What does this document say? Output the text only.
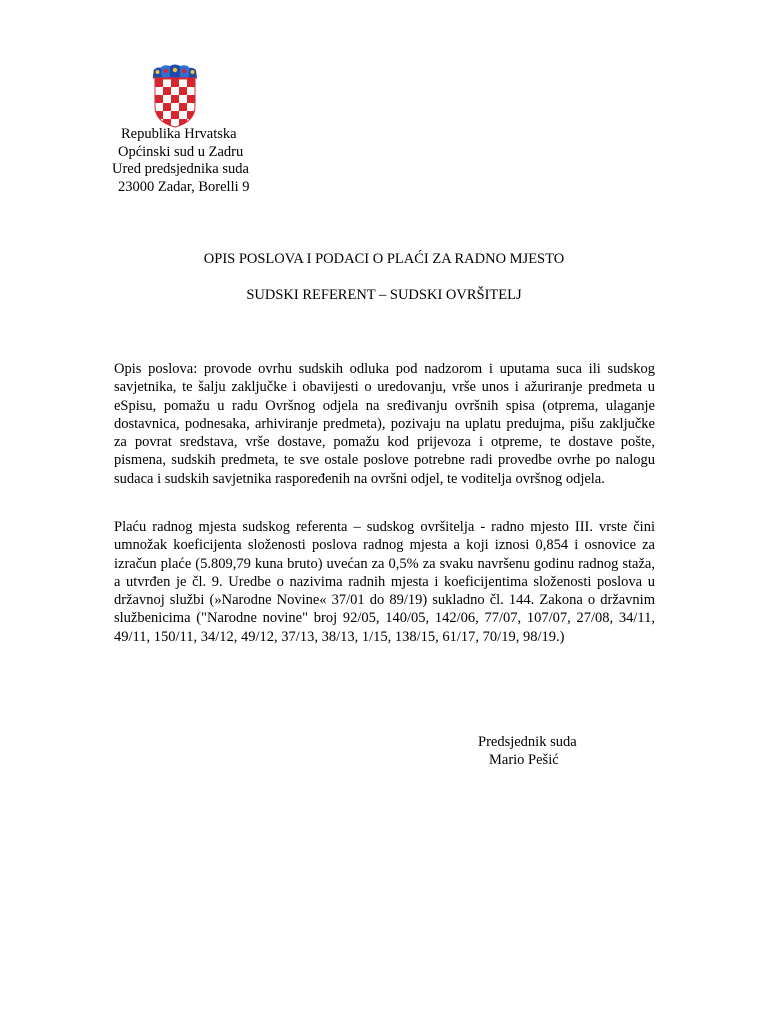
Republika Hrvatska
Općinski sud u Zadru
Ured predsjednika suda
23000 Zadar, Borelli 9
OPIS POSLOVA I PODACI O PLAĆI ZA RADNO MJESTO
SUDSKI REFERENT – SUDSKI OVRŠITELJ
Opis poslova: provode ovrhu sudskih odluka pod nadzorom i uputama suca ili sudskog savjetnika, te šalju zaključke i obavijesti o uredovanju, vrše unos i ažuriranje predmeta u eSpisu, pomažu u radu Ovršnog odjela na sređivanju ovršnih spisa (otprema, ulaganje dostavnica, podnesaka, arhiviranje predmeta), pozivaju na uplatu predujma, pišu zaključke za povrat sredstava, vrše dostave, pomažu kod prijevoza i otpreme, te dostave pošte, pismena, sudskih predmeta, te sve ostale poslove potrebne radi provedbe ovrhe po nalogu sudaca i sudskih savjetnika raspoređenih na ovršni odjel, te voditelja ovršnog odjela.
Plaću radnog mjesta sudskog referenta – sudskog ovršitelja - radno mjesto III. vrste čini umnožak koeficijenta složenosti poslova radnog mjesta a koji iznosi 0,854 i osnovice za izračun plaće (5.809,79 kuna bruto) uvećan za 0,5% za svaku navršenu godinu radnog staža, a utvrđen je čl. 9. Uredbe o nazivima radnih mjesta i koeficijentima složenosti poslova u državnoj službi (»Narodne Novine« 37/01 do 89/19) sukladno čl. 144. Zakona o državnim službenicima ("Narodne novine" broj 92/05, 140/05, 142/06, 77/07, 107/07, 27/08, 34/11, 49/11, 150/11, 34/12, 49/12, 37/13, 38/13, 1/15, 138/15, 61/17, 70/19, 98/19.)
Predsjednik suda
Mario Pešić
